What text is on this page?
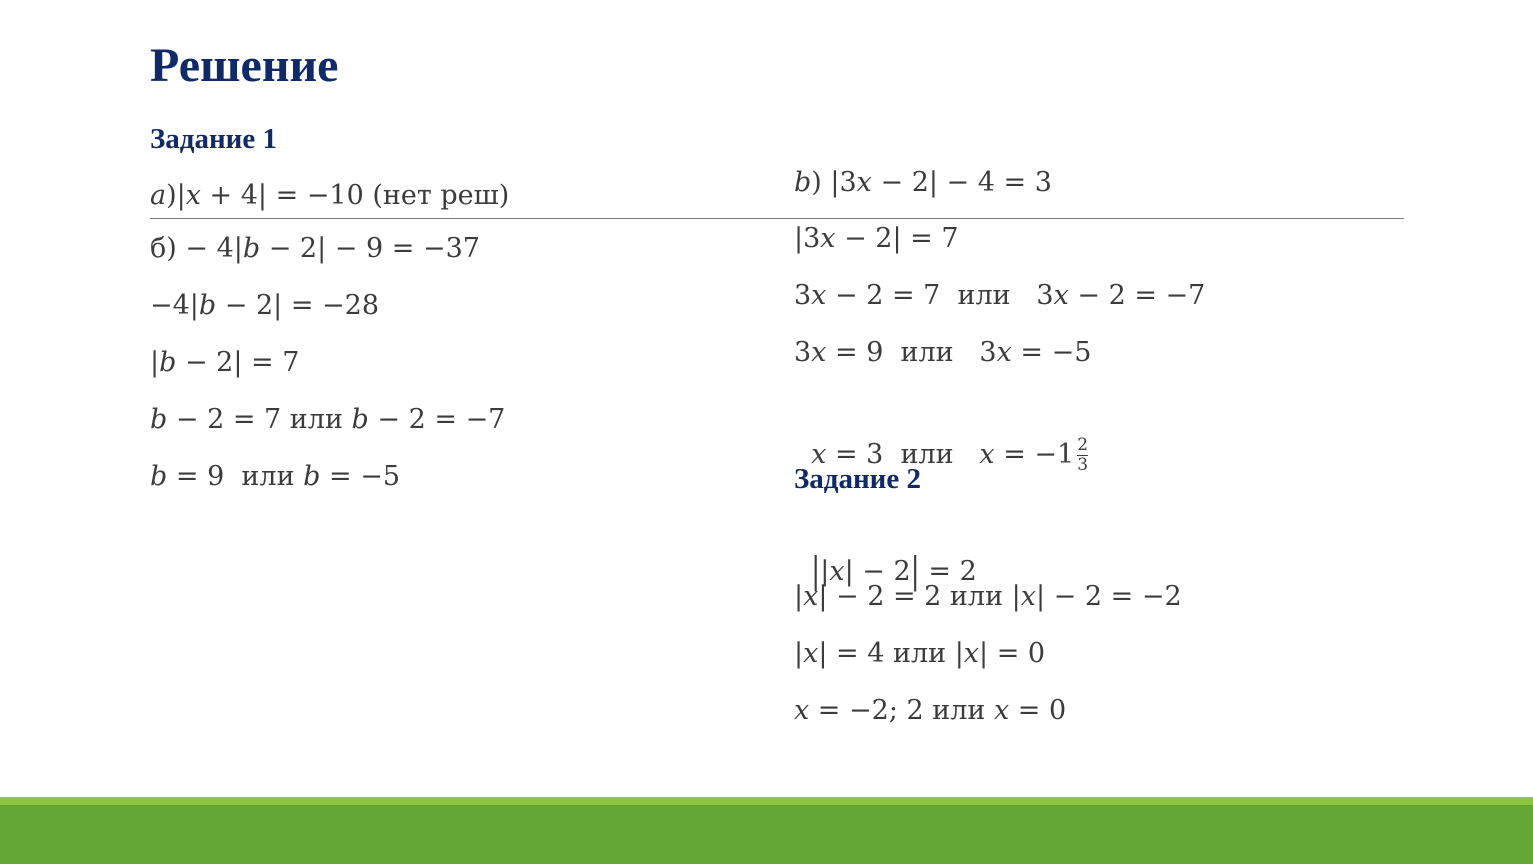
Решение
Задание 1
𝑎)|𝑥 + 4| = −10 (нет реш)
б) − 4|𝑏 − 2| − 9 = −37
−4|𝑏 − 2| = −28
|𝑏 − 2| = 7
𝑏 − 2 = 7 или 𝑏 − 2 = −7
𝑏 = 9  или 𝑏 = −5
𝑏) |3𝑥 − 2| − 4 = 3
|3𝑥 − 2| = 7
3𝑥 − 2 = 7  или   3𝑥 − 2 = −7
3𝑥 = 9  или   3𝑥 = −5

𝑥 = 3  или   𝑥 = $-1 \frac{2}{3}$

Задание 2

||𝑥| − 2| = 2

|𝑥| − 2 = 2 или |𝑥| − 2 = −2
|𝑥| = 4 или |𝑥| = 0
𝑥 = −2; 2 или 𝑥 = 0
